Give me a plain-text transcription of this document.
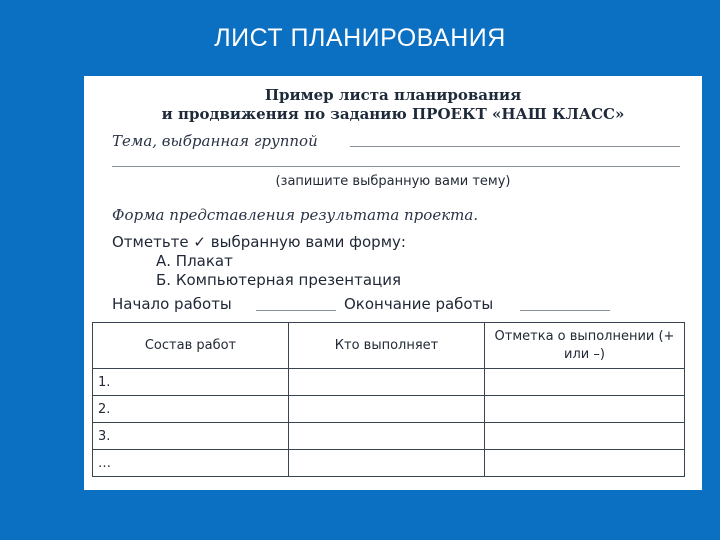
ЛИСТ ПЛАНИРОВАНИЯ
Пример листа планирования
и продвижения по заданию ПРОЕКТ «НАШ КЛАСС»
Тема, выбранная группой
(запишите выбранную вами тему)
Форма представления результата проекта.
Отметьте ✓ выбранную вами форму:
А. Плакат
Б. Компьютерная презентация
Начало работы	Окончание работы
Состав работ	Кто выполняет	Отметка о выполнении (+ или –)
1.		
2.		
3.		
…		
